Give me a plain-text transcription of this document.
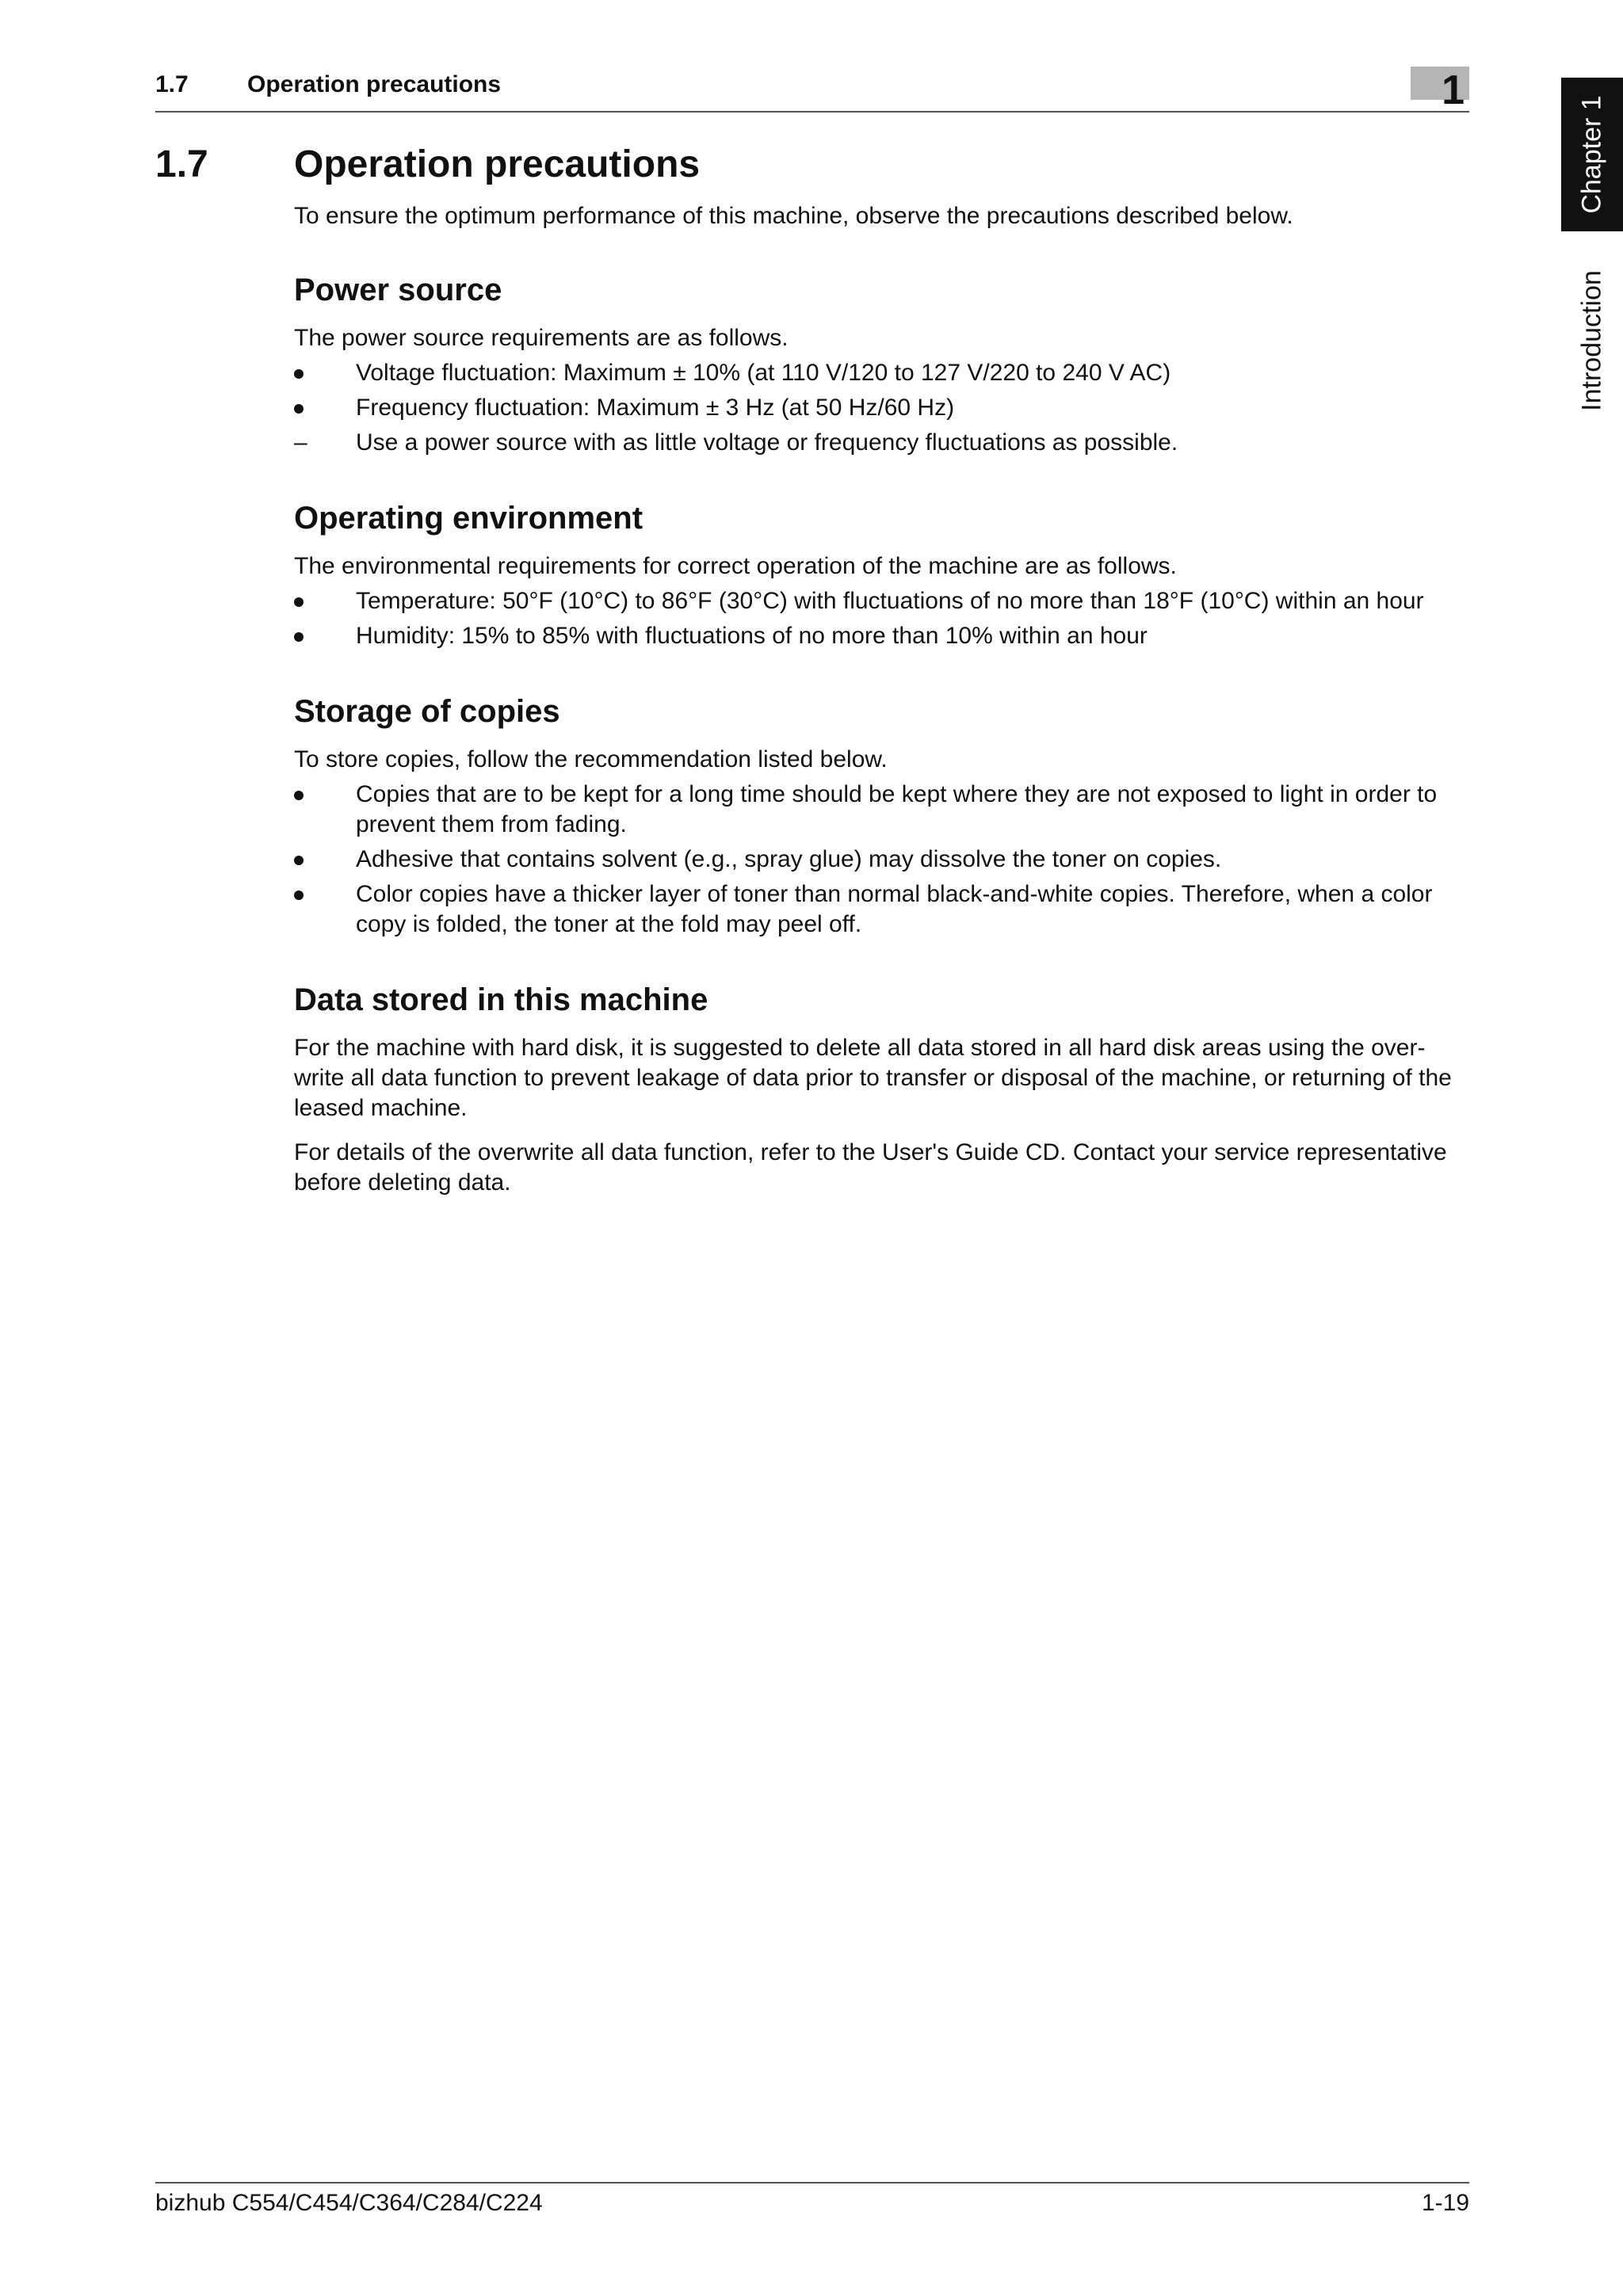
1.7 Operation precautions	1
Chapter 1
Introduction
1.7 Operation precautions

To ensure the optimum performance of this machine, observe the precautions described below.

Power source

The power source requirements are as follows.

Voltage fluctuation: Maximum ± 10% (at 110 V/120 to 127 V/220 to 240 V AC)
Frequency fluctuation: Maximum ± 3 Hz (at 50 Hz/60 Hz)
–	Use a power source with as little voltage or frequency fluctuations as possible.
Operating environment

The environmental requirements for correct operation of the machine are as follows.

Temperature: 50°F (10°C) to 86°F (30°C) with fluctuations of no more than 18°F (10°C) within an hour
Humidity: 15% to 85% with fluctuations of no more than 10% within an hour
Storage of copies

To store copies, follow the recommendation listed below.

Copies that are to be kept for a long time should be kept where they are not exposed to light in order to prevent them from fading.
Adhesive that contains solvent (e.g., spray glue) may dissolve the toner on copies.
Color copies have a thicker layer of toner than normal black-and-white copies. Therefore, when a color copy is folded, the toner at the fold may peel off.
Data stored in this machine

For the machine with hard disk, it is suggested to delete all data stored in all hard disk areas using the over-write all data function to prevent leakage of data prior to transfer or disposal of the machine, or returning of the leased machine.

For details of the overwrite all data function, refer to the User's Guide CD. Contact your service representative before deleting data.

bizhub C554/C454/C364/C284/C224	1-19
